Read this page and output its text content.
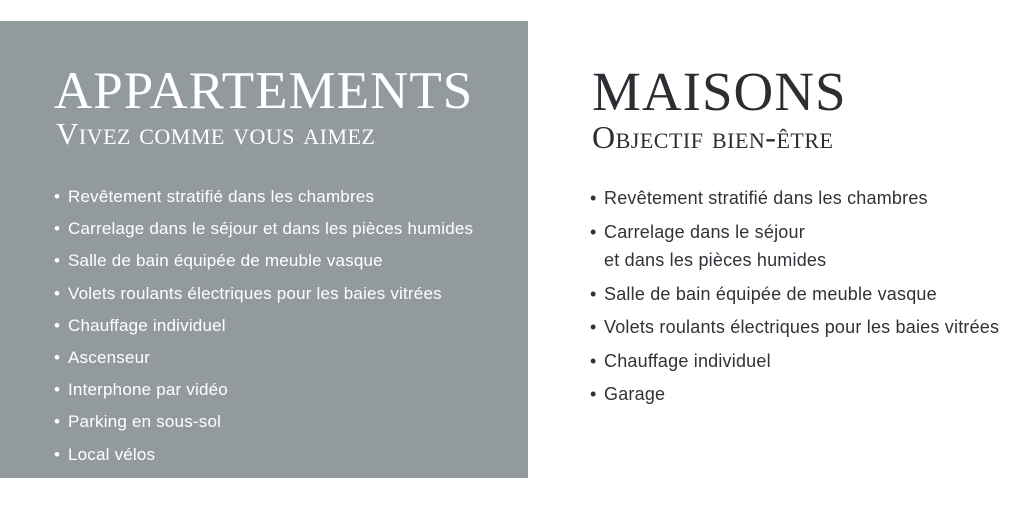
APPARTEMENTS
Vivez comme vous aimez
• Revêtement stratifié dans les chambres
• Carrelage dans le séjour et dans les pièces humides
• Salle de bain équipée de meuble vasque
• Volets roulants électriques pour les baies vitrées
• Chauffage individuel
• Ascenseur
• Interphone par vidéo
• Parking en sous-sol
• Local vélos
MAISONS
Objectif bien-être
• Revêtement stratifié dans les chambres
• Carrelage dans le séjour
et dans les pièces humides
• Salle de bain équipée de meuble vasque
• Volets roulants électriques pour les baies vitrées
• Chauffage individuel
• Garage
